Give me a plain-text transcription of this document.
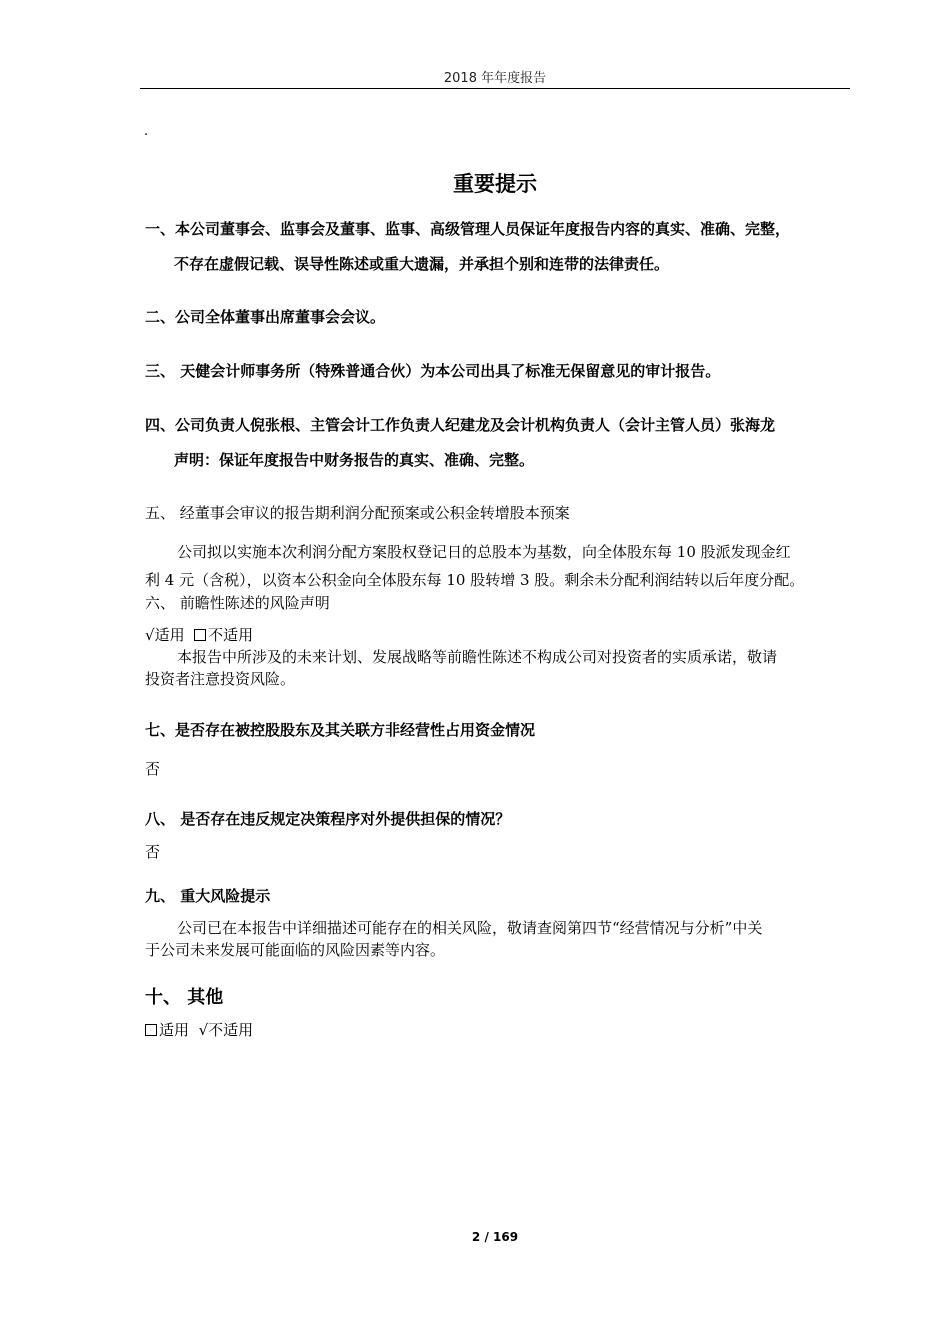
2018 年年度报告
.
重要提示
一、本公司董事会、监事会及董事、监事、高级管理人员保证年度报告内容的真实、准确、完整，
不存在虚假记载、误导性陈述或重大遗漏，并承担个别和连带的法律责任。
二、公司全体董事出席董事会会议。
三、 天健会计师事务所（特殊普通合伙）为本公司出具了标准无保留意见的审计报告。
四、公司负责人倪张根、主管会计工作负责人纪建龙及会计机构负责人（会计主管人员）张海龙
声明：保证年度报告中财务报告的真实、准确、完整。
五、 经董事会审议的报告期利润分配预案或公积金转增股本预案
公司拟以实施本次利润分配方案股权登记日的总股本为基数，向全体股东每 10 股派发现金红
利 4 元（含税），以资本公积金向全体股东每 10 股转增 3 股。剩余未分配利润结转以后年度分配。
六、 前瞻性陈述的风险声明
√适用 不适用
本报告中所涉及的未来计划、发展战略等前瞻性陈述不构成公司对投资者的实质承诺，敬请
投资者注意投资风险。
七、是否存在被控股股东及其关联方非经营性占用资金情况
否
八、 是否存在违反规定决策程序对外提供担保的情况？
否
九、 重大风险提示
公司已在本报告中详细描述可能存在的相关风险，敬请查阅第四节“经营情况与分析”中关
于公司未来发展可能面临的风险因素等内容。
十、 其他
适用 √不适用
2 / 169
